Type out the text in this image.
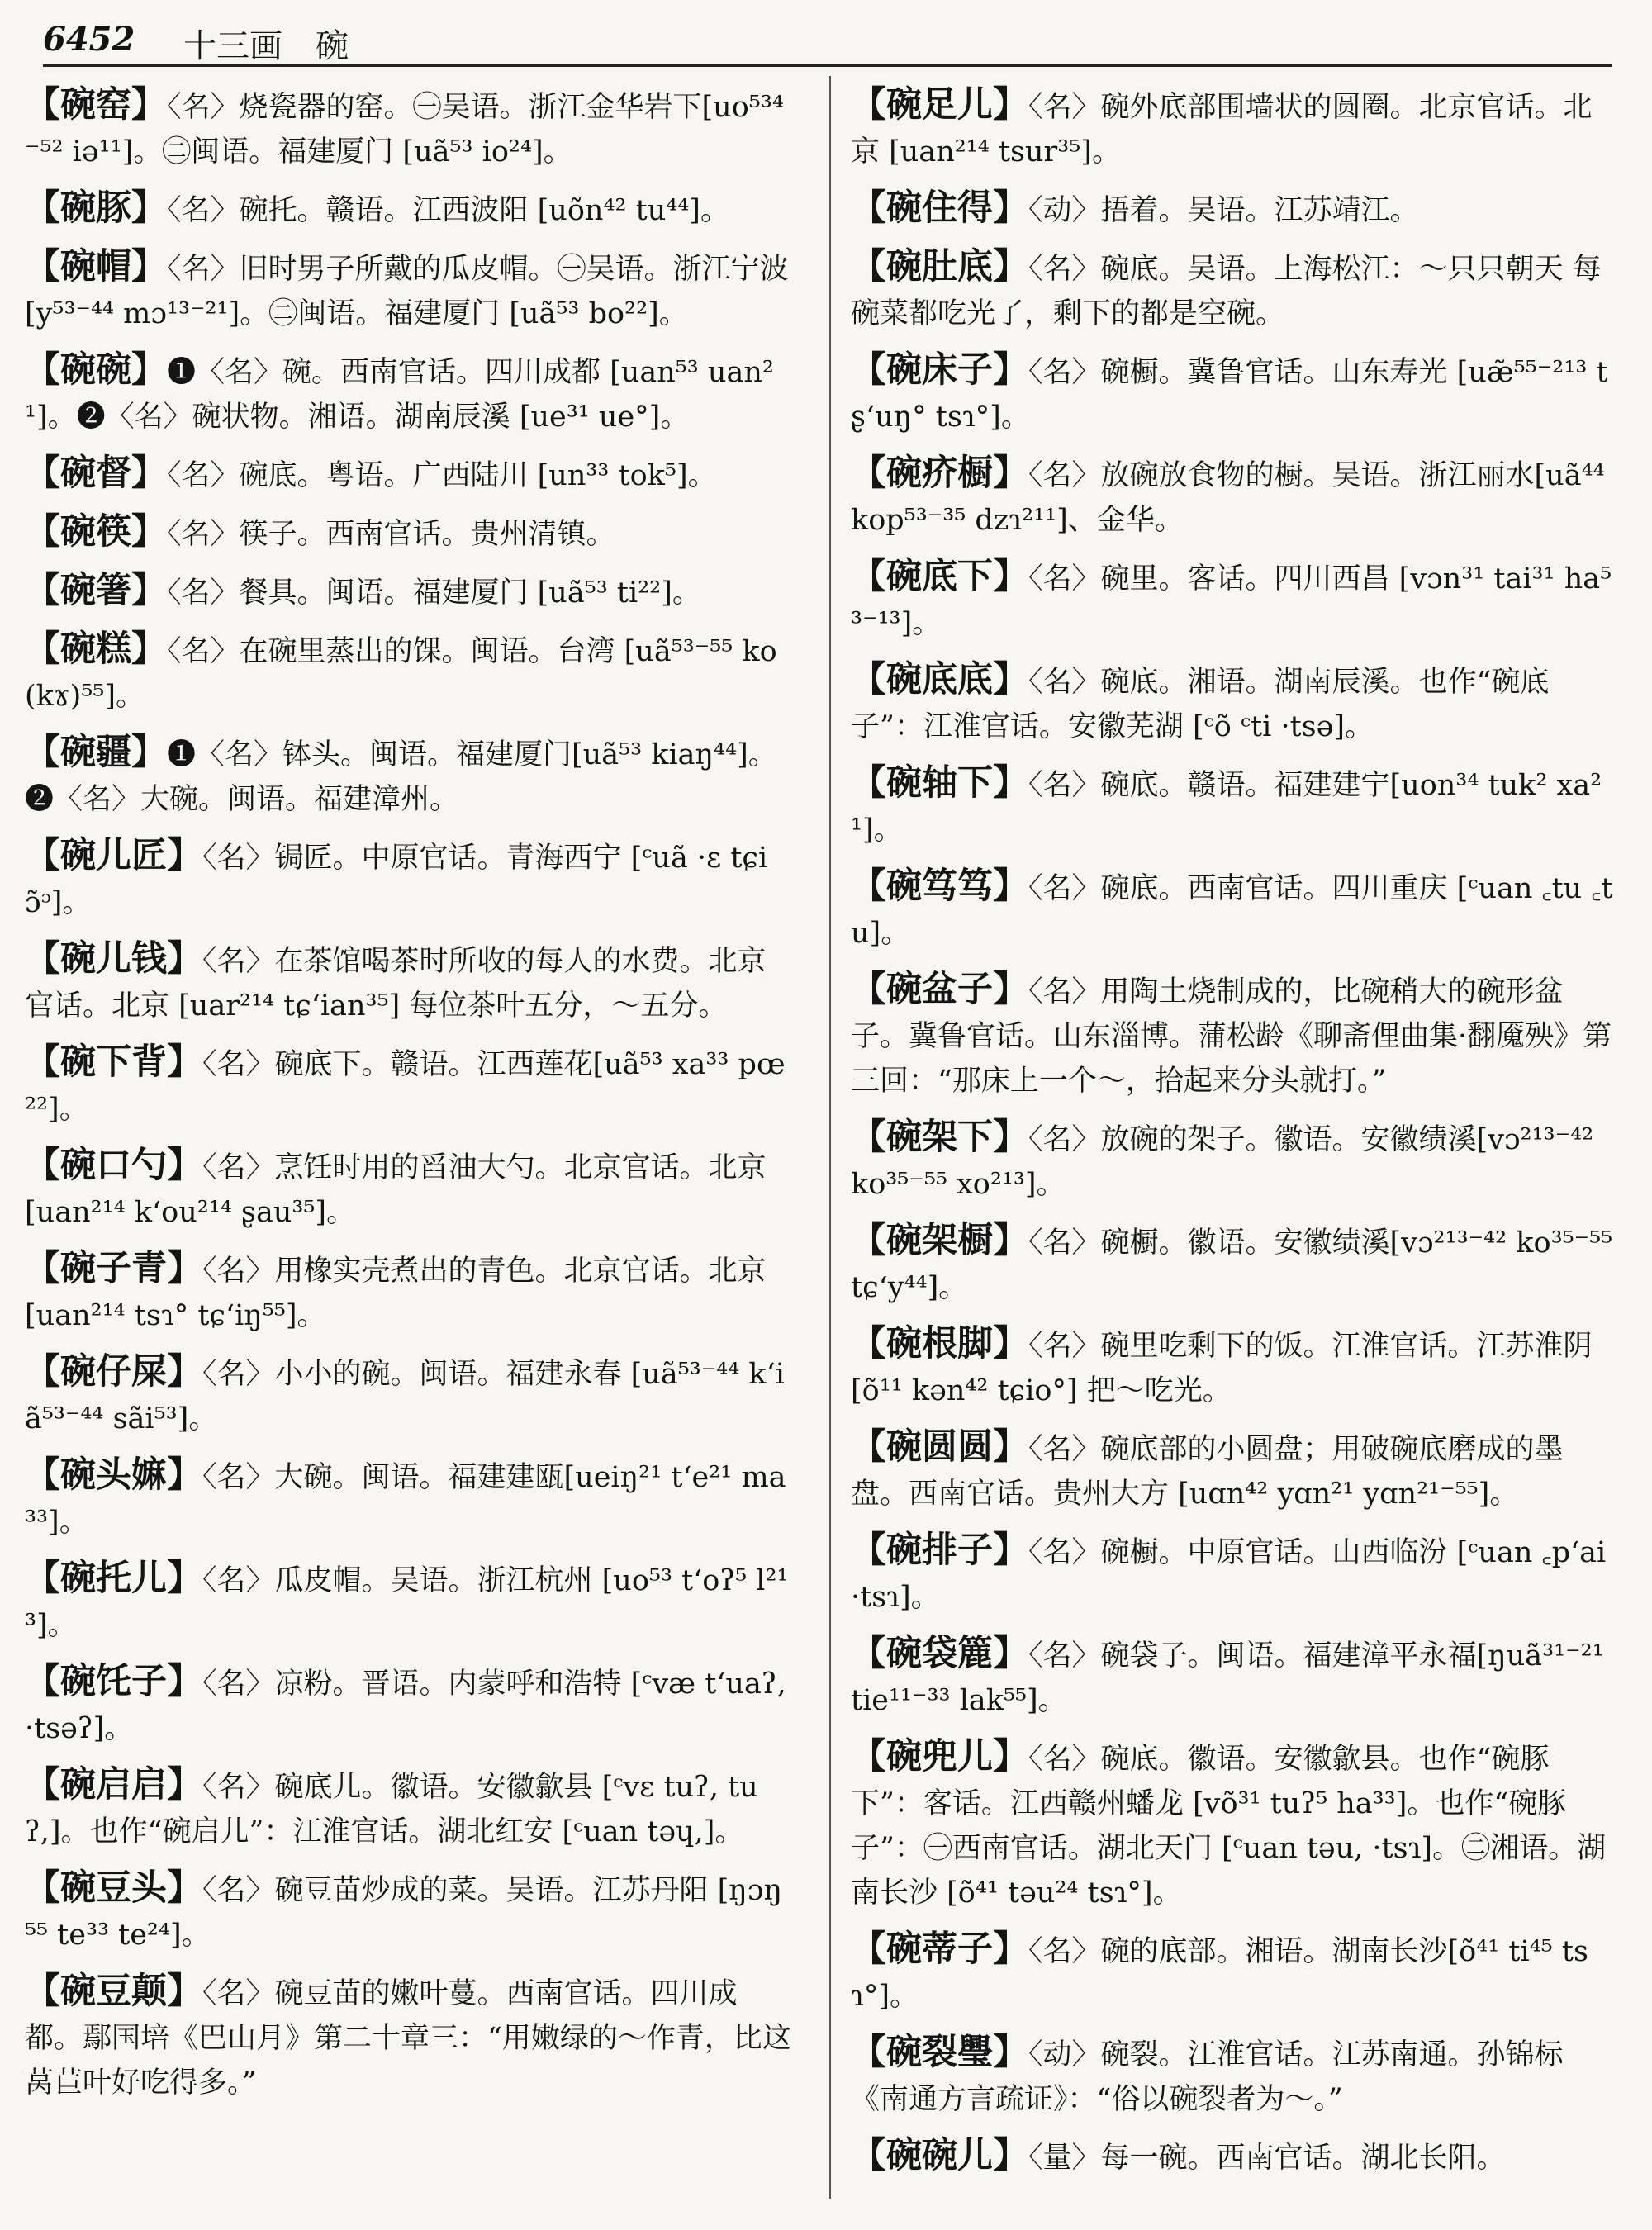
6452 十三画　碗

【碗窑】〈名〉烧瓷器的窑。㊀吴语。浙江金华岩下[uo⁵³⁴⁻⁵² iə¹¹]。㊁闽语。福建厦门 [uã⁵³ io²⁴]。

【碗豚】〈名〉碗托。赣语。江西波阳 [uõn⁴² tu⁴⁴]。

【碗帽】〈名〉旧时男子所戴的瓜皮帽。㊀吴语。浙江宁波 [y⁵³⁻⁴⁴ mɔ¹³⁻²¹]。㊁闽语。福建厦门 [uã⁵³ bo²²]。

【碗碗】❶〈名〉碗。西南官话。四川成都 [uan⁵³ uan²¹]。❷〈名〉碗状物。湘语。湖南辰溪 [ue³¹ ue°]。

【碗督】〈名〉碗底。粤语。广西陆川 [un³³ tok⁵]。

【碗筷】〈名〉筷子。西南官话。贵州清镇。

【碗箸】〈名〉餐具。闽语。福建厦门 [uã⁵³ ti²²]。

【碗糕】〈名〉在碗里蒸出的馃。闽语。台湾 [uã⁵³⁻⁵⁵ ko(kɤ)⁵⁵]。

【碗疆】❶〈名〉钵头。闽语。福建厦门[uã⁵³ kiaŋ⁴⁴]。❷〈名〉大碗。闽语。福建漳州。

【碗儿匠】〈名〉锔匠。中原官话。青海西宁 [ᶜuã ·ɛ tɕiɔ̃ᵓ]。

【碗儿钱】〈名〉在茶馆喝茶时所收的每人的水费。北京官话。北京 [uar²¹⁴ tɕʻian³⁵] 每位茶叶五分，～五分。

【碗下背】〈名〉碗底下。赣语。江西莲花[uã⁵³ xa³³ pœ²²]。

【碗口勺】〈名〉烹饪时用的舀油大勺。北京官话。北京 [uan²¹⁴ kʻou²¹⁴ ʂau³⁵]。

【碗子青】〈名〉用橡实壳煮出的青色。北京官话。北京 [uan²¹⁴ tsɿ° tɕʻiŋ⁵⁵]。

【碗仔屎】〈名〉小小的碗。闽语。福建永春 [uã⁵³⁻⁴⁴ kʻiã⁵³⁻⁴⁴ sãi⁵³]。

【碗头嫲】〈名〉大碗。闽语。福建建瓯[ueiŋ²¹ tʻe²¹ ma³³]。

【碗托儿】〈名〉瓜皮帽。吴语。浙江杭州 [uo⁵³ tʻoʔ⁵ l²¹³]。

【碗饦子】〈名〉凉粉。晋语。内蒙呼和浩特 [ᶜvæ tʻuaʔ, ·tsəʔ]。

【碗启启】〈名〉碗底儿。徽语。安徽歙县 [ᶜvɛ tuʔ, tuʔ,]。也作“碗启儿”：江淮官话。湖北红安 [ᶜuan təɥ,]。

【碗豆头】〈名〉碗豆苗炒成的菜。吴语。江苏丹阳 [ŋɔŋ⁵⁵ te³³ te²⁴]。

【碗豆颠】〈名〉碗豆苗的嫩叶蔓。西南官话。四川成都。鄢国培《巴山月》第二十章三：“用嫩绿的～作青，比这莴苣叶好吃得多。”

【碗足儿】〈名〉碗外底部围墙状的圆圈。北京官话。北京 [uan²¹⁴ tsur³⁵]。

【碗住得】〈动〉捂着。吴语。江苏靖江。

【碗肚底】〈名〉碗底。吴语。上海松江：～只只朝天 每碗菜都吃光了，剩下的都是空碗。

【碗床子】〈名〉碗橱。冀鲁官话。山东寿光 [uæ̃⁵⁵⁻²¹³ tʂʻuŋ° tsɿ°]。

【碗疥橱】〈名〉放碗放食物的橱。吴语。浙江丽水[uã⁴⁴ kop⁵³⁻³⁵ dzɿ²¹¹]、金华。

【碗底下】〈名〉碗里。客话。四川西昌 [vɔn³¹ tai³¹ ha⁵³⁻¹³]。

【碗底底】〈名〉碗底。湘语。湖南辰溪。也作“碗底子”：江淮官话。安徽芜湖 [ᶜõ ᶜti ·tsə]。

【碗轴下】〈名〉碗底。赣语。福建建宁[uon³⁴ tuk² xa²¹]。

【碗笃笃】〈名〉碗底。西南官话。四川重庆 [ᶜuan ꜀tu ꜀tu]。

【碗盆子】〈名〉用陶土烧制成的，比碗稍大的碗形盆子。冀鲁官话。山东淄博。蒲松龄《聊斋俚曲集·翻魇殃》第三回：“那床上一个～，拾起来分头就打。”

【碗架下】〈名〉放碗的架子。徽语。安徽绩溪[vɔ²¹³⁻⁴² ko³⁵⁻⁵⁵ xo²¹³]。

【碗架橱】〈名〉碗橱。徽语。安徽绩溪[vɔ²¹³⁻⁴² ko³⁵⁻⁵⁵ tɕʻy⁴⁴]。

【碗根脚】〈名〉碗里吃剩下的饭。江淮官话。江苏淮阴 [õ¹¹ kən⁴² tɕio°] 把～吃光。

【碗圆圆】〈名〉碗底部的小圆盘；用破碗底磨成的墨盘。西南官话。贵州大方 [uɑn⁴² yɑn²¹ yɑn²¹⁻⁵⁵]。

【碗排子】〈名〉碗橱。中原官话。山西临汾 [ᶜuan ꜀pʻai ·tsɿ]。

【碗袋簏】〈名〉碗袋子。闽语。福建漳平永福[ŋuã³¹⁻²¹ tie¹¹⁻³³ lak⁵⁵]。

【碗兜儿】〈名〉碗底。徽语。安徽歙县。也作“碗豚下”：客话。江西赣州蟠龙 [võ³¹ tuʔ⁵ ha³³]。也作“碗豚子”：㊀西南官话。湖北天门 [ᶜuan təu, ·tsɿ]。㊁湘语。湖南长沙 [õ⁴¹ təu²⁴ tsɿ°]。

【碗蒂子】〈名〉碗的底部。湘语。湖南长沙[õ⁴¹ ti⁴⁵ tsɿ°]。

【碗裂璺】〈动〉碗裂。江淮官话。江苏南通。孙锦标《南通方言疏证》：“俗以碗裂者为～。”

【碗碗儿】〈量〉每一碗。西南官话。湖北长阳。
